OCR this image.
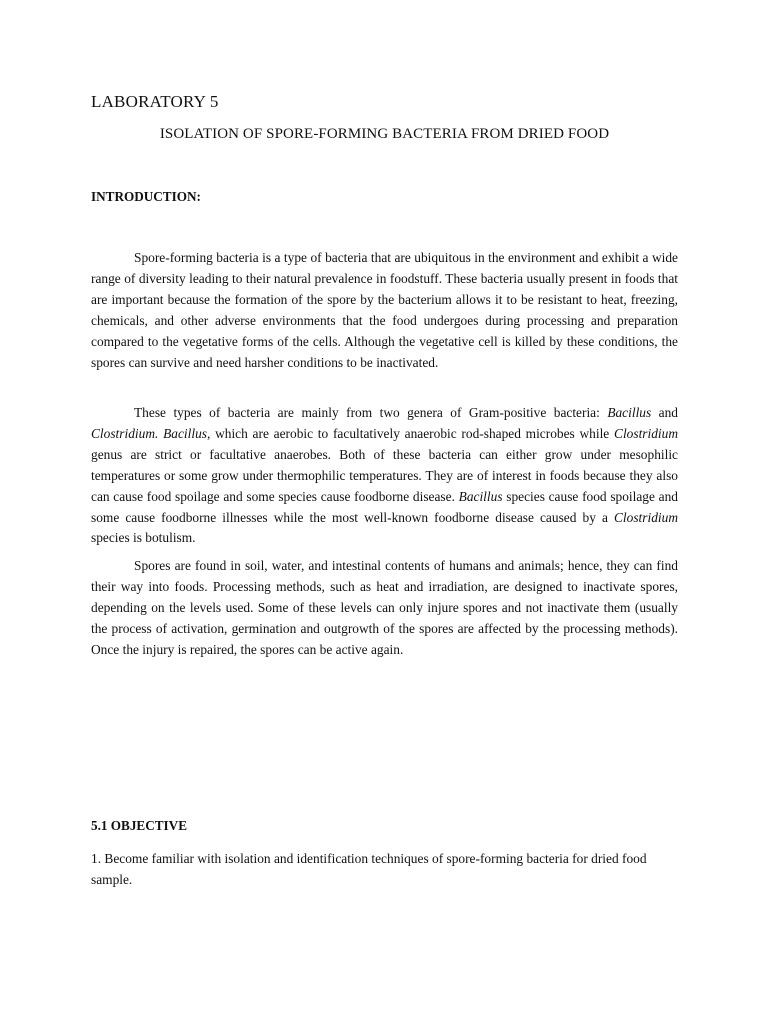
LABORATORY 5
ISOLATION OF SPORE-FORMING BACTERIA FROM DRIED FOOD
INTRODUCTION:

Spore-forming bacteria is a type of bacteria that are ubiquitous in the environment and exhibit a wide range of diversity leading to their natural prevalence in foodstuff. These bacteria usually present in foods that are important because the formation of the spore by the bacterium allows it to be resistant to heat, freezing, chemicals, and other adverse environments that the food undergoes during processing and preparation compared to the vegetative forms of the cells. Although the vegetative cell is killed by these conditions, the spores can survive and need harsher conditions to be inactivated.

These types of bacteria are mainly from two genera of Gram-positive bacteria: Bacillus and Clostridium. Bacillus, which are aerobic to facultatively anaerobic rod-shaped microbes while Clostridium genus are strict or facultative anaerobes. Both of these bacteria can either grow under mesophilic temperatures or some grow under thermophilic temperatures. They are of interest in foods because they also can cause food spoilage and some species cause foodborne disease. Bacillus species cause food spoilage and some cause foodborne illnesses while the most well-known foodborne disease caused by a Clostridium species is botulism.

Spores are found in soil, water, and intestinal contents of humans and animals; hence, they can find their way into foods. Processing methods, such as heat and irradiation, are designed to inactivate spores, depending on the levels used. Some of these levels can only injure spores and not inactivate them (usually the process of activation, germination and outgrowth of the spores are affected by the processing methods). Once the injury is repaired, the spores can be active again.

5.1 OBJECTIVE

1. Become familiar with isolation and identification techniques of spore-forming bacteria for dried food sample.
